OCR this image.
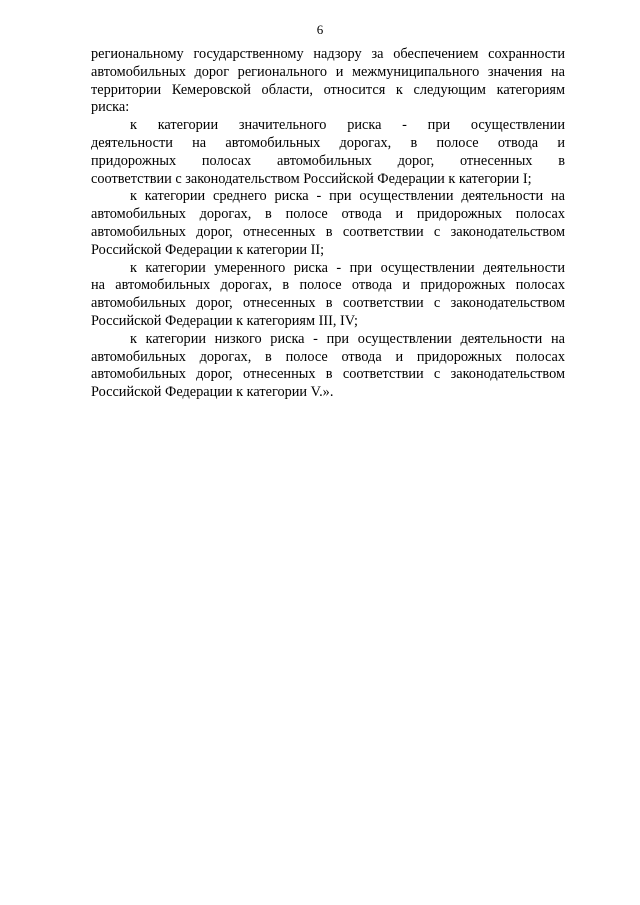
6
региональному государственному надзору за обеспечением сохранности
автомобильных дорог регионального и межмуниципального значения на
территории Кемеровской области, относится к следующим категориям
риска:
к категории значительного риска - при осуществлении
деятельности на автомобильных дорогах, в полосе отвода и
придорожных полосах автомобильных дорог, отнесенных в
соответствии с законодательством Российской Федерации к категории I;
к категории среднего риска - при осуществлении деятельности на
автомобильных дорогах, в полосе отвода и придорожных полосах
автомобильных дорог, отнесенных в соответствии с законодательством
Российской Федерации к категории II;
к категории умеренного риска - при осуществлении деятельности
на автомобильных дорогах, в полосе отвода и придорожных полосах
автомобильных дорог, отнесенных в соответствии с законодательством
Российской Федерации к категориям III, IV;
к категории низкого риска - при осуществлении деятельности на
автомобильных дорогах, в полосе отвода и придорожных полосах
автомобильных дорог, отнесенных в соответствии с законодательством
Российской Федерации к категории V.».
